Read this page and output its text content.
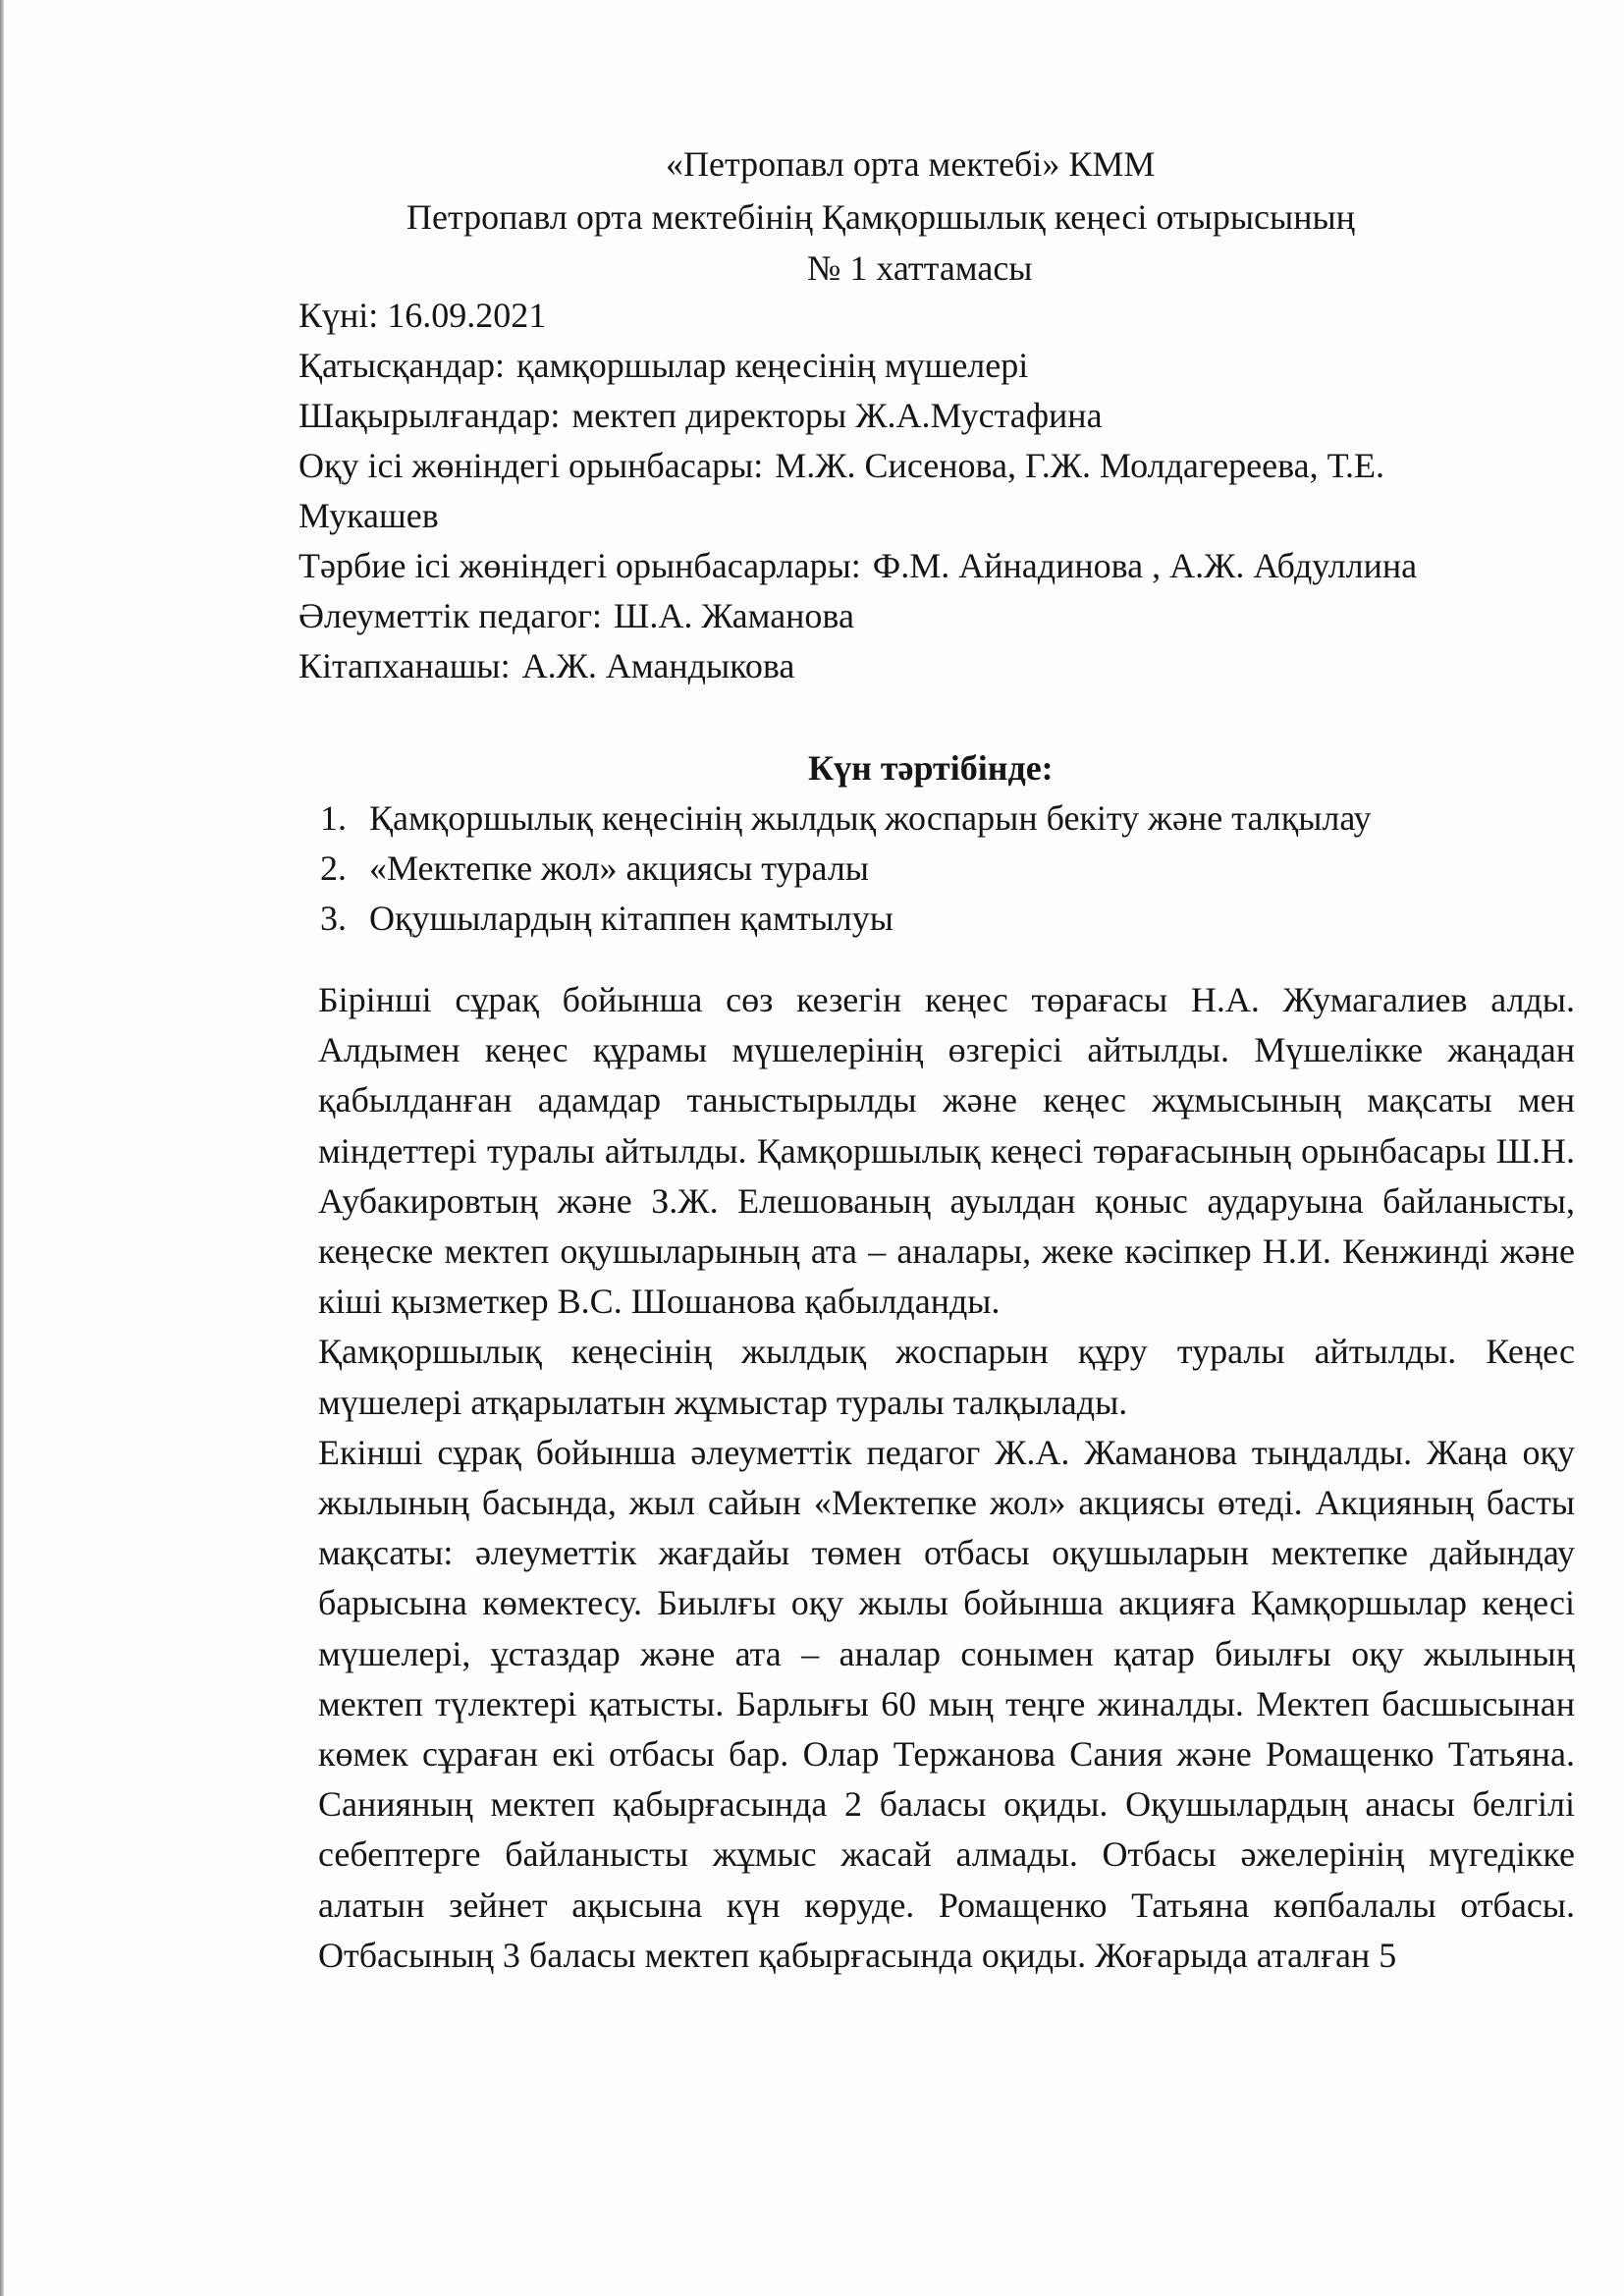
«Петропавл орта мектебі» КММ
Петропавл орта мектебінің Қамқоршылық кеңесі отырысының
№ 1 хаттамасы
Күні: 16.09.2021
Қатысқандар: қамқоршылар кеңесінің мүшелері
Шақырылғандар: мектеп директоры Ж.А.Мустафина
Оқу ісі жөніндегі орынбасары: М.Ж. Сисенова, Г.Ж. Молдагереева, Т.Е.
Мукашев
Тәрбие ісі жөніндегі орынбасарлары: Ф.М. Айнадинова , А.Ж. Абдуллина
Әлеуметтік педагог: Ш.А. Жаманова
Кітапханашы: А.Ж. Амандыкова
Күн тәртібінде:
1. Қамқоршылық кеңесінің жылдық жоспарын бекіту және талқылау
2. «Мектепке жол» акциясы туралы
3. Оқушылардың кітаппен қамтылуы

Бірінші сұрақ бойынша сөз кезегін кеңес төрағасы Н.А. Жумагалиев алды. Алдымен кеңес құрамы мүшелерінің өзгерісі айтылды. Мүшелікке жаңадан қабылданған адамдар таныстырылды және кеңес жұмысының мақсаты мен міндеттері туралы айтылды. Қамқоршылық кеңесі төрағасының орынбасары Ш.Н. Аубакировтың және З.Ж. Елешованың ауылдан қоныс аударуына байланысты, кеңеске мектеп оқушыларының ата – аналары, жеке кәсіпкер Н.И. Кенжинді және кіші қызметкер В.С. Шошанова қабылданды.

Қамқоршылық кеңесінің жылдық жоспарын құру туралы айтылды. Кеңес мүшелері атқарылатын жұмыстар туралы талқылады.

Екінші сұрақ бойынша әлеуметтік педагог Ж.А. Жаманова тыңдалды. Жаңа оқу жылының басында, жыл сайын «Мектепке жол» акциясы өтеді. Акцияның басты мақсаты: әлеуметтік жағдайы төмен отбасы оқушыларын мектепке дайындау барысына көмектесу. Биылғы оқу жылы бойынша акцияға Қамқоршылар кеңесі мүшелері, ұстаздар және ата – аналар сонымен қатар биылғы оқу жылының мектеп түлектері қатысты. Барлығы 60 мың теңге жиналды. Мектеп басшысынан көмек сұраған екі отбасы бар. Олар Тержанова Сания және Ромащенко Татьяна. Санияның мектеп қабырғасында 2 баласы оқиды. Оқушылардың анасы белгілі себептерге байланысты жұмыс жасай алмады. Отбасы әжелерінің мүгедікке алатын зейнет ақысына күн көруде. Ромащенко Татьяна көпбалалы отбасы. Отбасының 3 баласы мектеп қабырғасында оқиды. Жоғарыда аталған 5
